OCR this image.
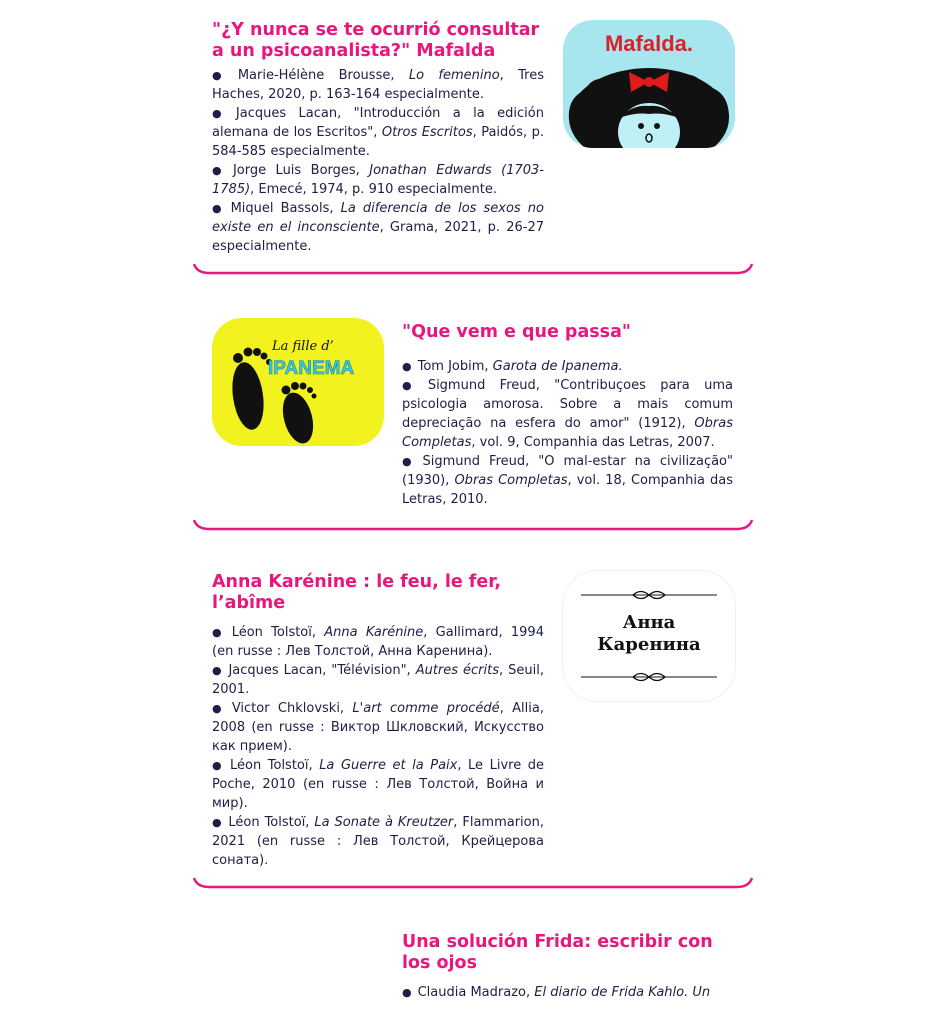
"¿Y nunca se te ocurrió consultar a un psicoanalista?" Mafalda

● Marie-Hélène Brousse, Lo femenino, Tres Haches, 2020, p. 163-164 especialmente.

● Jacques Lacan, "Introducción a la edición alemana de los Escritos", Otros Escritos, Paidós, p. 584-585 especialmente.

● Jorge Luis Borges, Jonathan Edwards (1703-1785), Emecé, 1974, p. 910 especialmente.

● Miquel Bassols, La diferencia de los sexos no existe en el inconsciente, Grama, 2021, p. 26-27 especialmente.

Mafalda.
La fille d’
IPANEMA
"Que vem e que passa"

● Tom Jobim, Garota de Ipanema.

● Sigmund Freud, "Contribuçoes para uma psicologia amorosa. Sobre a mais comum depreciação na esfera do amor" (1912), Obras Completas, vol. 9, Companhia das Letras, 2007.

● Sigmund Freud, "O mal-estar na civilização" (1930), Obras Completas, vol. 18, Companhia das Letras, 2010.

Anna Karénine : le feu, le fer, l’abîme

● Léon Tolstoï, Anna Karénine, Gallimard, 1994 (en russe : Лев Толстой, Анна Каренина).

● Jacques Lacan, "Télévision", Autres écrits, Seuil, 2001.

● Victor Chklovski, L'art comme procédé, Allia, 2008 (en russe : Виктор Шкловский, Искусство как прием).

● Léon Tolstoï, La Guerre et la Paix, Le Livre de Poche, 2010 (en russe : Лев Толстой, Война и мир).

● Léon Tolstoï, La Sonate à Kreutzer, Flammarion, 2021 (en russe : Лев Толстой, Крейцерова соната).

Анна
Каренина
Una solución Frida: escribir con los ojos

● Claudia Madrazo, El diario de Frida Kahlo. Un
